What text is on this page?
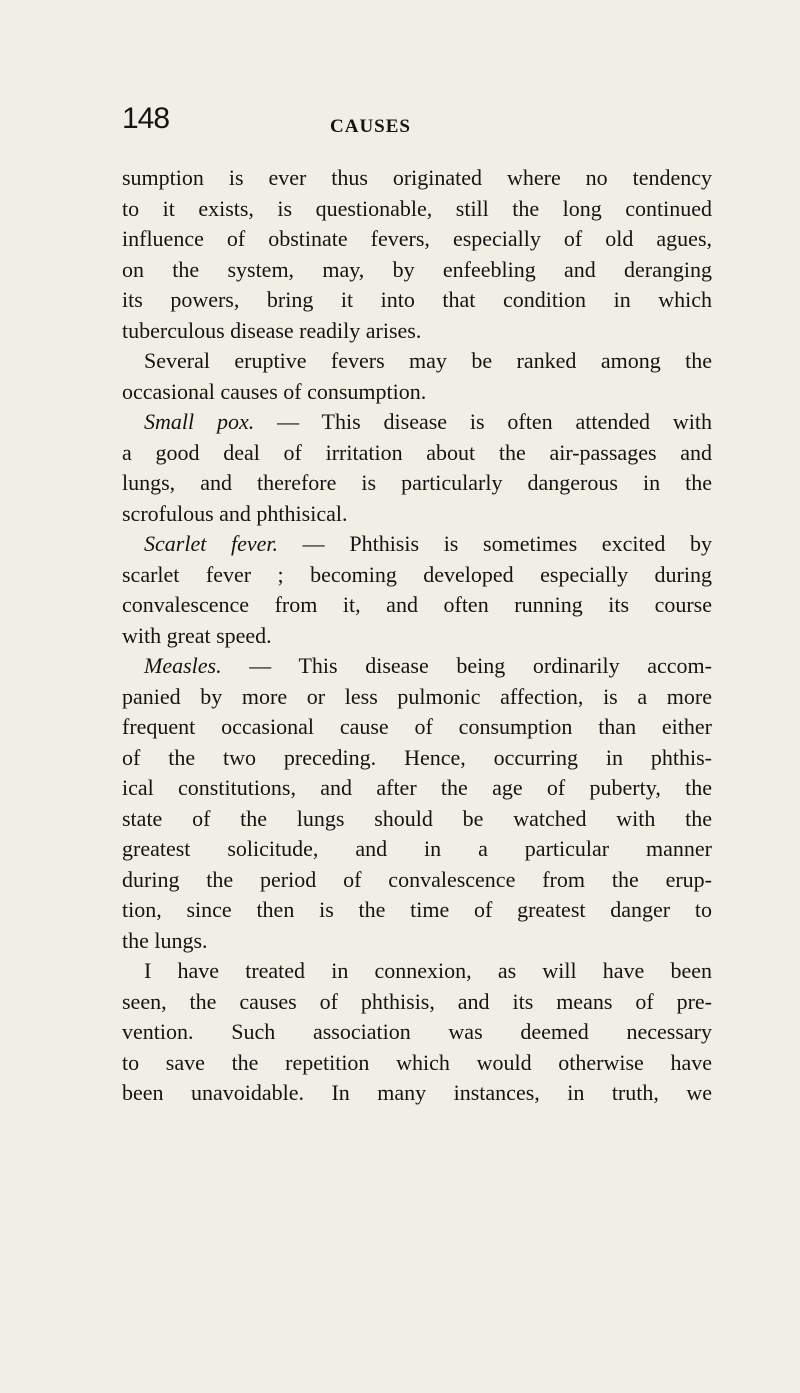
148	CAUSES
sumption is ever thus originated where no tendency
to it exists, is questionable, still the long continued
influence of obstinate fevers, especially of old agues,
on the system, may, by enfeebling and deranging
its powers, bring it into that condition in which
tuberculous disease readily arises.
Several eruptive fevers may be ranked among the
occasional causes of consumption.
Small pox. — This disease is often attended with
a good deal of irritation about the air-passages and
lungs, and therefore is particularly dangerous in the
scrofulous and phthisical.
Scarlet fever. — Phthisis is sometimes excited by
scarlet fever ; becoming developed especially during
convalescence from it, and often running its course
with great speed.
Measles. — This disease being ordinarily accom-
panied by more or less pulmonic affection, is a more
frequent occasional cause of consumption than either
of the two preceding. Hence, occurring in phthis-
ical constitutions, and after the age of puberty, the
state of the lungs should be watched with the
greatest solicitude, and in a particular manner
during the period of convalescence from the erup-
tion, since then is the time of greatest danger to
the lungs.
I have treated in connexion, as will have been
seen, the causes of phthisis, and its means of pre-
vention. Such association was deemed necessary
to save the repetition which would otherwise have
been unavoidable. In many instances, in truth, we
